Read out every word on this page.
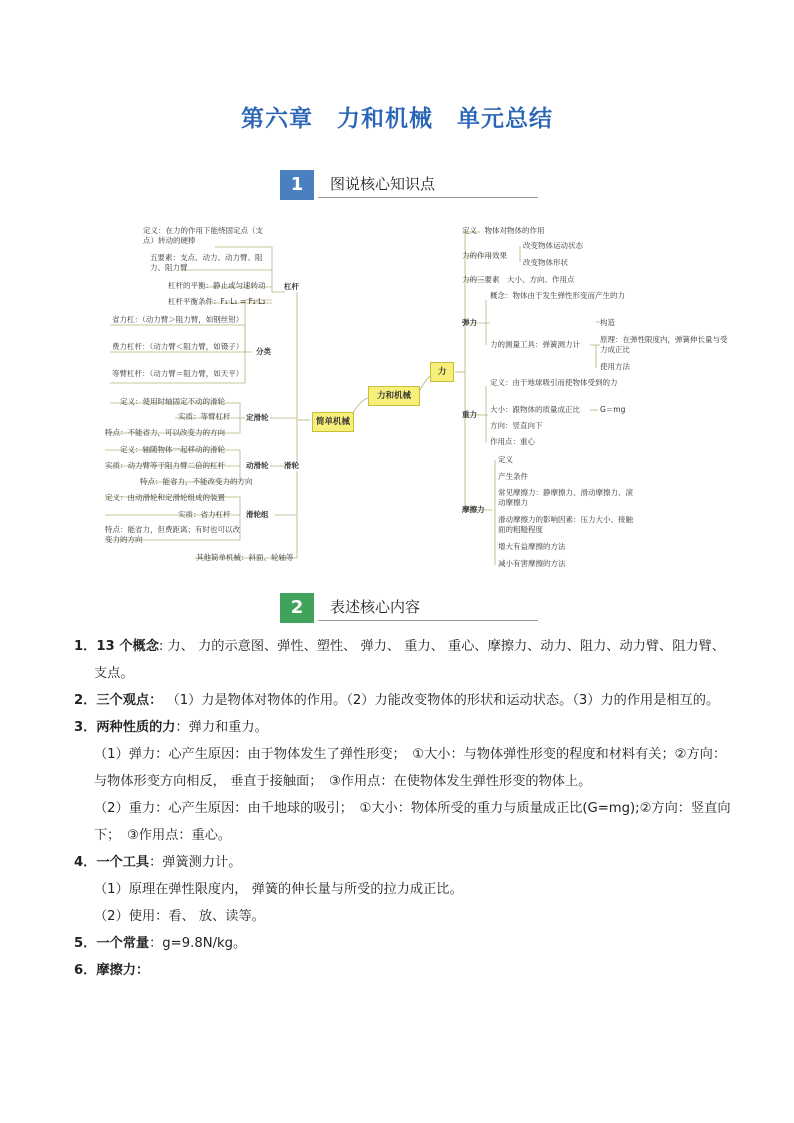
第六章　力和机械　单元总结
1	图说核心知识点
简单机械
力和机械
力
定义：在力的作用下能绕固定点（支点）转动的硬棒
五要素：支点、动力、动力臂、阻力、阻力臂
杠杆的平衡：静止或匀速转动
杠杆平衡条件：F₁·L₁ = F₂·L₂
杠杆
省力杠：（动力臂＞阻力臂，如钢丝钳）
费力杠杆：（动力臂＜阻力臂，如镊子）
等臂杠杆：（动力臂＝阻力臂，如天平）
分类
定义：使用时轴固定不动的滑轮
实质：等臂杠杆
特点：不能省力，可以改变力的方向
定滑轮
定义：轴随物体一起移动的滑轮
实质：动力臂等于阻力臂二倍的杠杆
特点：能省力，不能改变力的方向
动滑轮 滑轮
定义：由动滑轮和定滑轮组成的装置
实质：省力杠杆
特点：能省力，但费距离；有时也可以改变力的方向
滑轮组
其他简单机械：斜面、轮轴等
定义　物体对物体的作用
力的作用效果
改变物体运动状态
改变物体形状
力的三要素　大小、方向、作用点
弹力
概念：物体由于发生弹性形变而产生的力
力的测量工具：弹簧测力计
构造
原理：在弹性限度内，弹簧伸长量与受力成正比
使用方法
重力
定义：由于地球吸引而使物体受到的力
大小：跟物体的质量成正比	G＝mg
方向：竖直向下
作用点：重心
摩擦力
定义
产生条件
常见摩擦力：静摩擦力、滑动摩擦力、滚动摩擦力
滑动摩擦力的影响因素：压力大小、接触面的粗糙程度
增大有益摩擦的方法
减小有害摩擦的方法
2	表述核心内容

1．13 个概念: 力、 力的示意图、弹性、塑性、 弹力、 重力、 重心、摩擦力、动力、阻力、动力臂、阻力臂、支点。

2．三个观点： （1）力是物体对物体的作用。（2）力能改变物体的形状和运动状态。（3）力的作用是相互的。

3．两种性质的力：弹力和重力。

（1）弹力：心产生原因：由于物体发生了弹性形变；　①大小：与物体弹性形变的程度和材料有关；②方向：与物体形变方向相反， 垂直于接触面；　③作用点：在使物体发生弹性形变的物体上。

（2）重力：心产生原因：由千地球的吸引；　①大小：物体所受的重力与质量成正比(G=mg);②方向：竖直向下；　③作用点：重心。

4．一个工具：弹簧测力计。

（1）原理在弹性限度内， 弹簧的伸长量与所受的拉力成正比。

（2）使用：看、 放、读等。

5．一个常量：g=9.8N/kg。

6．摩擦力：
